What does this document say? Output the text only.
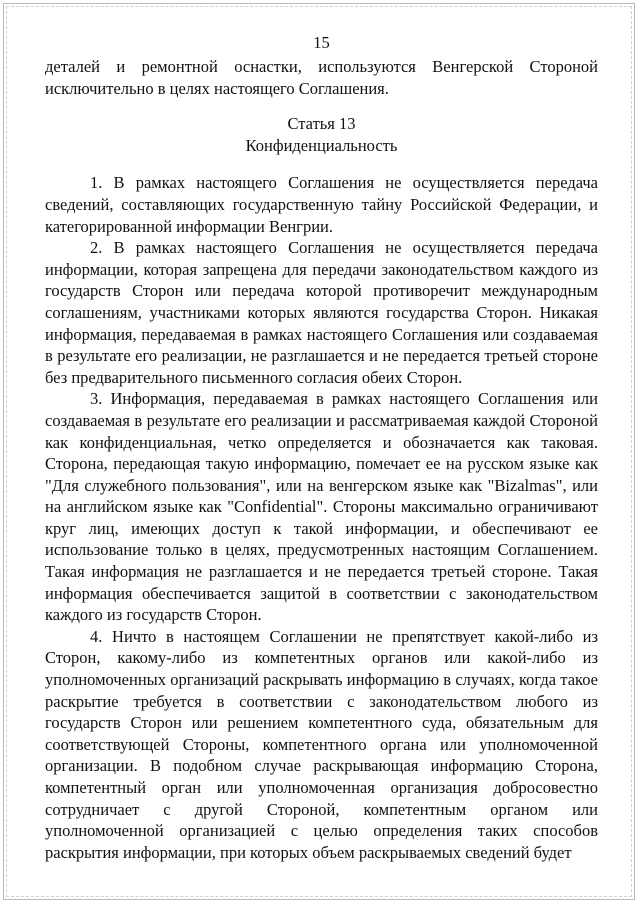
15

деталей и ремонтной оснастки, используются Венгерской Стороной исключительно в целях настоящего Соглашения.

Статья 13
Конфиденциальность

1. В рамках настоящего Соглашения не осуществляется передача сведений, составляющих государственную тайну Российской Федерации, и категорированной информации Венгрии.

2. В рамках настоящего Соглашения не осуществляется передача информации, которая запрещена для передачи законодательством каждого из государств Сторон или передача которой противоречит международным соглашениям, участниками которых являются государства Сторон. Никакая информация, передаваемая в рамках настоящего Соглашения или создаваемая в результате его реализации, не разглашается и не передается третьей стороне без предварительного письменного согласия обеих Сторон.

3. Информация, передаваемая в рамках настоящего Соглашения или создаваемая в результате его реализации и рассматриваемая каждой Стороной как конфиденциальная, четко определяется и обозначается как таковая. Сторона, передающая такую информацию, помечает ее на русском языке как "Для служебного пользования", или на венгерском языке как "Bizalmas", или на английском языке как "Confidential". Стороны максимально ограничивают круг лиц, имеющих доступ к такой информации, и обеспечивают ее использование только в целях, предусмотренных настоящим Соглашением. Такая информация не разглашается и не передается третьей стороне. Такая информация обеспечивается защитой в соответствии с законодательством каждого из государств Сторон.

4. Ничто в настоящем Соглашении не препятствует какой-либо из Сторон, какому-либо из компетентных органов или какой-либо из уполномоченных организаций раскрывать информацию в случаях, когда такое раскрытие требуется в соответствии с законодательством любого из государств Сторон или решением компетентного суда, обязательным для соответствующей Стороны, компетентного органа или уполномоченной организации. В подобном случае раскрывающая информацию Сторона, компетентный орган или уполномоченная организация добросовестно сотрудничает с другой Стороной, компетентным органом или уполномоченной организацией с целью определения таких способов раскрытия информации, при которых объем раскрываемых сведений будет
